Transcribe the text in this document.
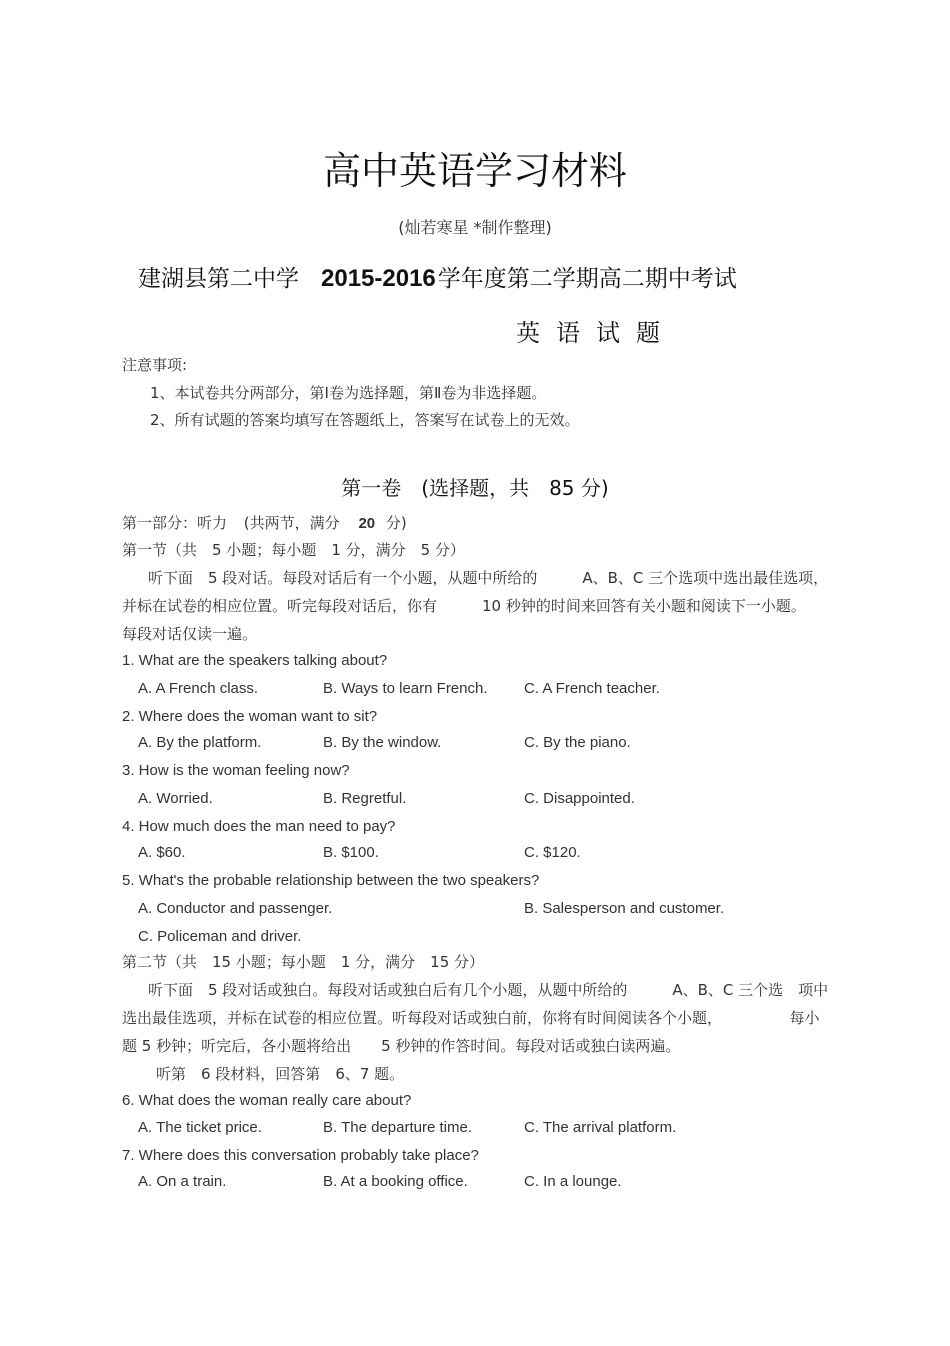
高中英语学习材料
(灿若寒星 *制作整理)
建湖县第二中学 2015-2016学年度第二学期高二期中考试
英语试题
注意事项:
1、本试卷共分两部分，第Ⅰ卷为选择题，第Ⅱ卷为非选择题。
2、所有试题的答案均填写在答题纸上，答案写在试卷上的无效。
第一卷　(选择题，共　85 分)
第一部分：听力 (共两节，满分 20 分)
第一节（共　5 小题；每小题　1 分，满分　5 分）
听下面　5 段对话。每段对话后有一个小题，从题中所给的　　　A、B、C 三个选项中选出最佳选项，
并标在试卷的相应位置。听完每段对话后，你有　　　10 秒钟的时间来回答有关小题和阅读下一小题。
每段对话仅读一遍。
1. What are the speakers talking about?
A. A French class.	B. Ways to learn French. C. A French teacher.
2. Where does the woman want to sit?
A. By the platform.	B. By the window.	C. By the piano.
3. How is the woman feeling now?
A. Worried.	B. Regretful.	C. Disappointed.
4. How much does the man need to pay?
A. $60.	B. $100.	C. $120.
5. What's the probable relationship between the two speakers?
A. Conductor and passenger.	B. Salesperson and customer.
C. Policeman and driver.
第二节（共　15 小题；每小题　1 分，满分　15 分）
听下面　5 段对话或独白。每段对话或独白后有几个小题，从题中所给的　　　A、B、C 三个选　项中
选出最佳选项，并标在试卷的相应位置。听每段对话或独白前，你将有时间阅读各个小题，　　　　　每小
题 5 秒钟；听完后，各小题将给出　　5 秒钟的作答时间。每段对话或独白读两遍。
听第　6 段材料，回答第　6、7 题。
6. What does the woman really care about?
A. The ticket price.	B. The departure time.	C. The arrival platform.
7. Where does this conversation probably take place?
A. On a train.	B. At a booking office.	C. In a lounge.
